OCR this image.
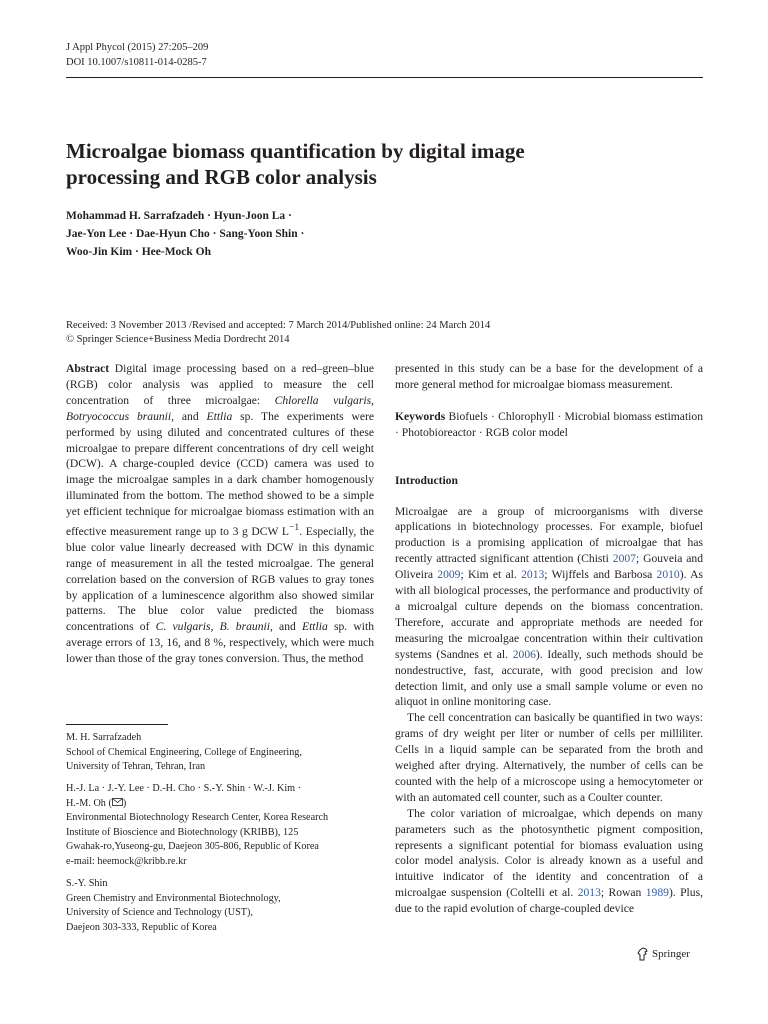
J Appl Phycol (2015) 27:205–209
DOI 10.1007/s10811-014-0285-7
Microalgae biomass quantification by digital image
processing and RGB color analysis
Mohammad H. Sarrafzadeh · Hyun-Joon La ·
Jae-Yon Lee · Dae-Hyun Cho · Sang-Yoon Shin ·
Woo-Jin Kim · Hee-Mock Oh
Received: 3 November 2013 /Revised and accepted: 7 March 2014/Published online: 24 March 2014
© Springer Science+Business Media Dordrecht 2014

Abstract Digital image processing based on a red–green–blue (RGB) color analysis was applied to measure the cell concentration of three microalgae: Chlorella vulgaris, Botryococcus braunii, and Ettlia sp. The experiments were performed by using diluted and concentrated cultures of these microalgae to prepare different concentrations of dry cell weight (DCW). A charge-coupled device (CCD) camera was used to image the microalgae samples in a dark chamber homogenously illuminated from the bottom. The method showed to be a simple yet efficient technique for microalgae biomass estimation with an effective measurement range up to 3 g DCW $L^{-1}$. Especially, the blue color value linearly decreased with DCW in this dynamic range of measurement in all the tested microalgae. The general correlation based on the conversion of RGB values to gray tones by application of a luminescence algorithm also showed similar patterns. The blue color value predicted the biomass concentrations of C. vulgaris, B. braunii, and Ettlia sp. with average errors of 13, 16, and 8 %, respectively, which were much lower than those of the gray tones conversion. Thus, the method

presented in this study can be a base for the development of a more general method for microalgae biomass measurement.

Keywords Biofuels · Chlorophyll · Microbial biomass estimation · Photobioreactor · RGB color model

Introduction

Microalgae are a group of microorganisms with diverse applications in biotechnology processes. For example, biofuel production is a promising application of microalgae that has recently attracted significant attention (Chisti 2007; Gouveia and Oliveira 2009; Kim et al. 2013; Wijffels and Barbosa 2010). As with all biological processes, the performance and productivity of a microalgal culture depends on the biomass concentration. Therefore, accurate and appropriate methods are needed for measuring the microalgae concentration within their cultivation systems (Sandnes et al. 2006). Ideally, such methods should be nondestructive, fast, accurate, with good precision and low detection limit, and only use a small sample volume or even no aliquot in online monitoring case.

The cell concentration can basically be quantified in two ways: grams of dry weight per liter or number of cells per milliliter. Cells in a liquid sample can be separated from the broth and weighed after drying. Alternatively, the number of cells can be counted with the help of a microscope using a hemocytometer or with an automated cell counter, such as a Coulter counter.

The color variation of microalgae, which depends on many parameters such as the photosynthetic pigment composition, represents a significant potential for biomass evaluation using color model analysis. Color is already known as a useful and intuitive indicator of the identity and concentration of a microalgae suspension (Coltelli et al. 2013; Rowan 1989). Plus, due to the rapid evolution of charge-coupled device

M. H. Sarrafzadeh
School of Chemical Engineering, College of Engineering,
University of Tehran, Tehran, Iran
H.-J. La · J.-Y. Lee · D.-H. Cho · S.-Y. Shin · W.-J. Kim ·
H.-M. Oh ( )
Environmental Biotechnology Research Center, Korea Research
Institute of Bioscience and Biotechnology (KRIBB), 125
Gwahak-ro,Yuseong-gu, Daejeon 305-806, Republic of Korea
e-mail: heemock@kribb.re.kr
S.-Y. Shin
Green Chemistry and Environmental Biotechnology,
University of Science and Technology (UST),
Daejeon 303-333, Republic of Korea
Springer
